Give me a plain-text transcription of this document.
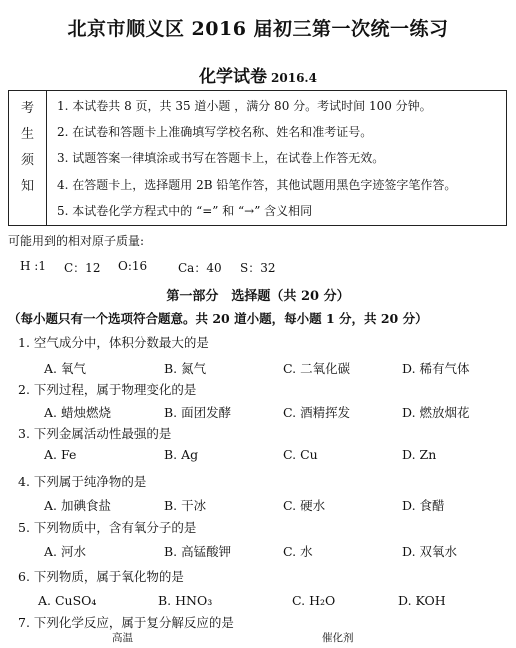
北京市顺义区 2016 届初三第一次统一练习
化学试卷 2016.4
考
生
须
知
1. 本试卷共 8 页，共 35 道小题 ，满分 80 分。考试时间 100 分钟。
2. 在试卷和答题卡上准确填写学校名称、姓名和准考证号。
3. 试题答案一律填涂或书写在答题卡上，在试卷上作答无效。
4. 在答题卡上，选择题用 2B 铅笔作答，其他试题用黑色字迹签字笔作答。
5. 本试卷化学方程式中的 “=” 和 “→” 含义相同
可能用到的相对原子质量:
H :1 C：12 O:16	Ca：40 S：32
第一部分　选择题（共 20 分）
（每小题只有一个选项符合题意。共 20 道小题，每小题 1 分，共 20 分）
1. 空气成分中，体积分数最大的是
A. 氧气	B. 氮气	C. 二氧化碳	D. 稀有气体
2. 下列过程，属于物理变化的是
A. 蜡烛燃烧	B. 面团发酵	C. 酒精挥发	D. 燃放烟花
3. 下列金属活动性最强的是
A. Fe	B. Ag	C. Cu	D. Zn
4. 下列属于纯净物的是
A. 加碘食盐	B. 干冰	C. 硬水	D. 食醋
5. 下列物质中，含有氧分子的是
A. 河水	B. 高锰酸钾	C. 水	D. 双氧水
6. 下列物质，属于氧化物的是
A. CuSO₄	B. HNO₃	C. H₂O	D. KOH
7. 下列化学反应，属于复分解反应的是
高温	催化剂
